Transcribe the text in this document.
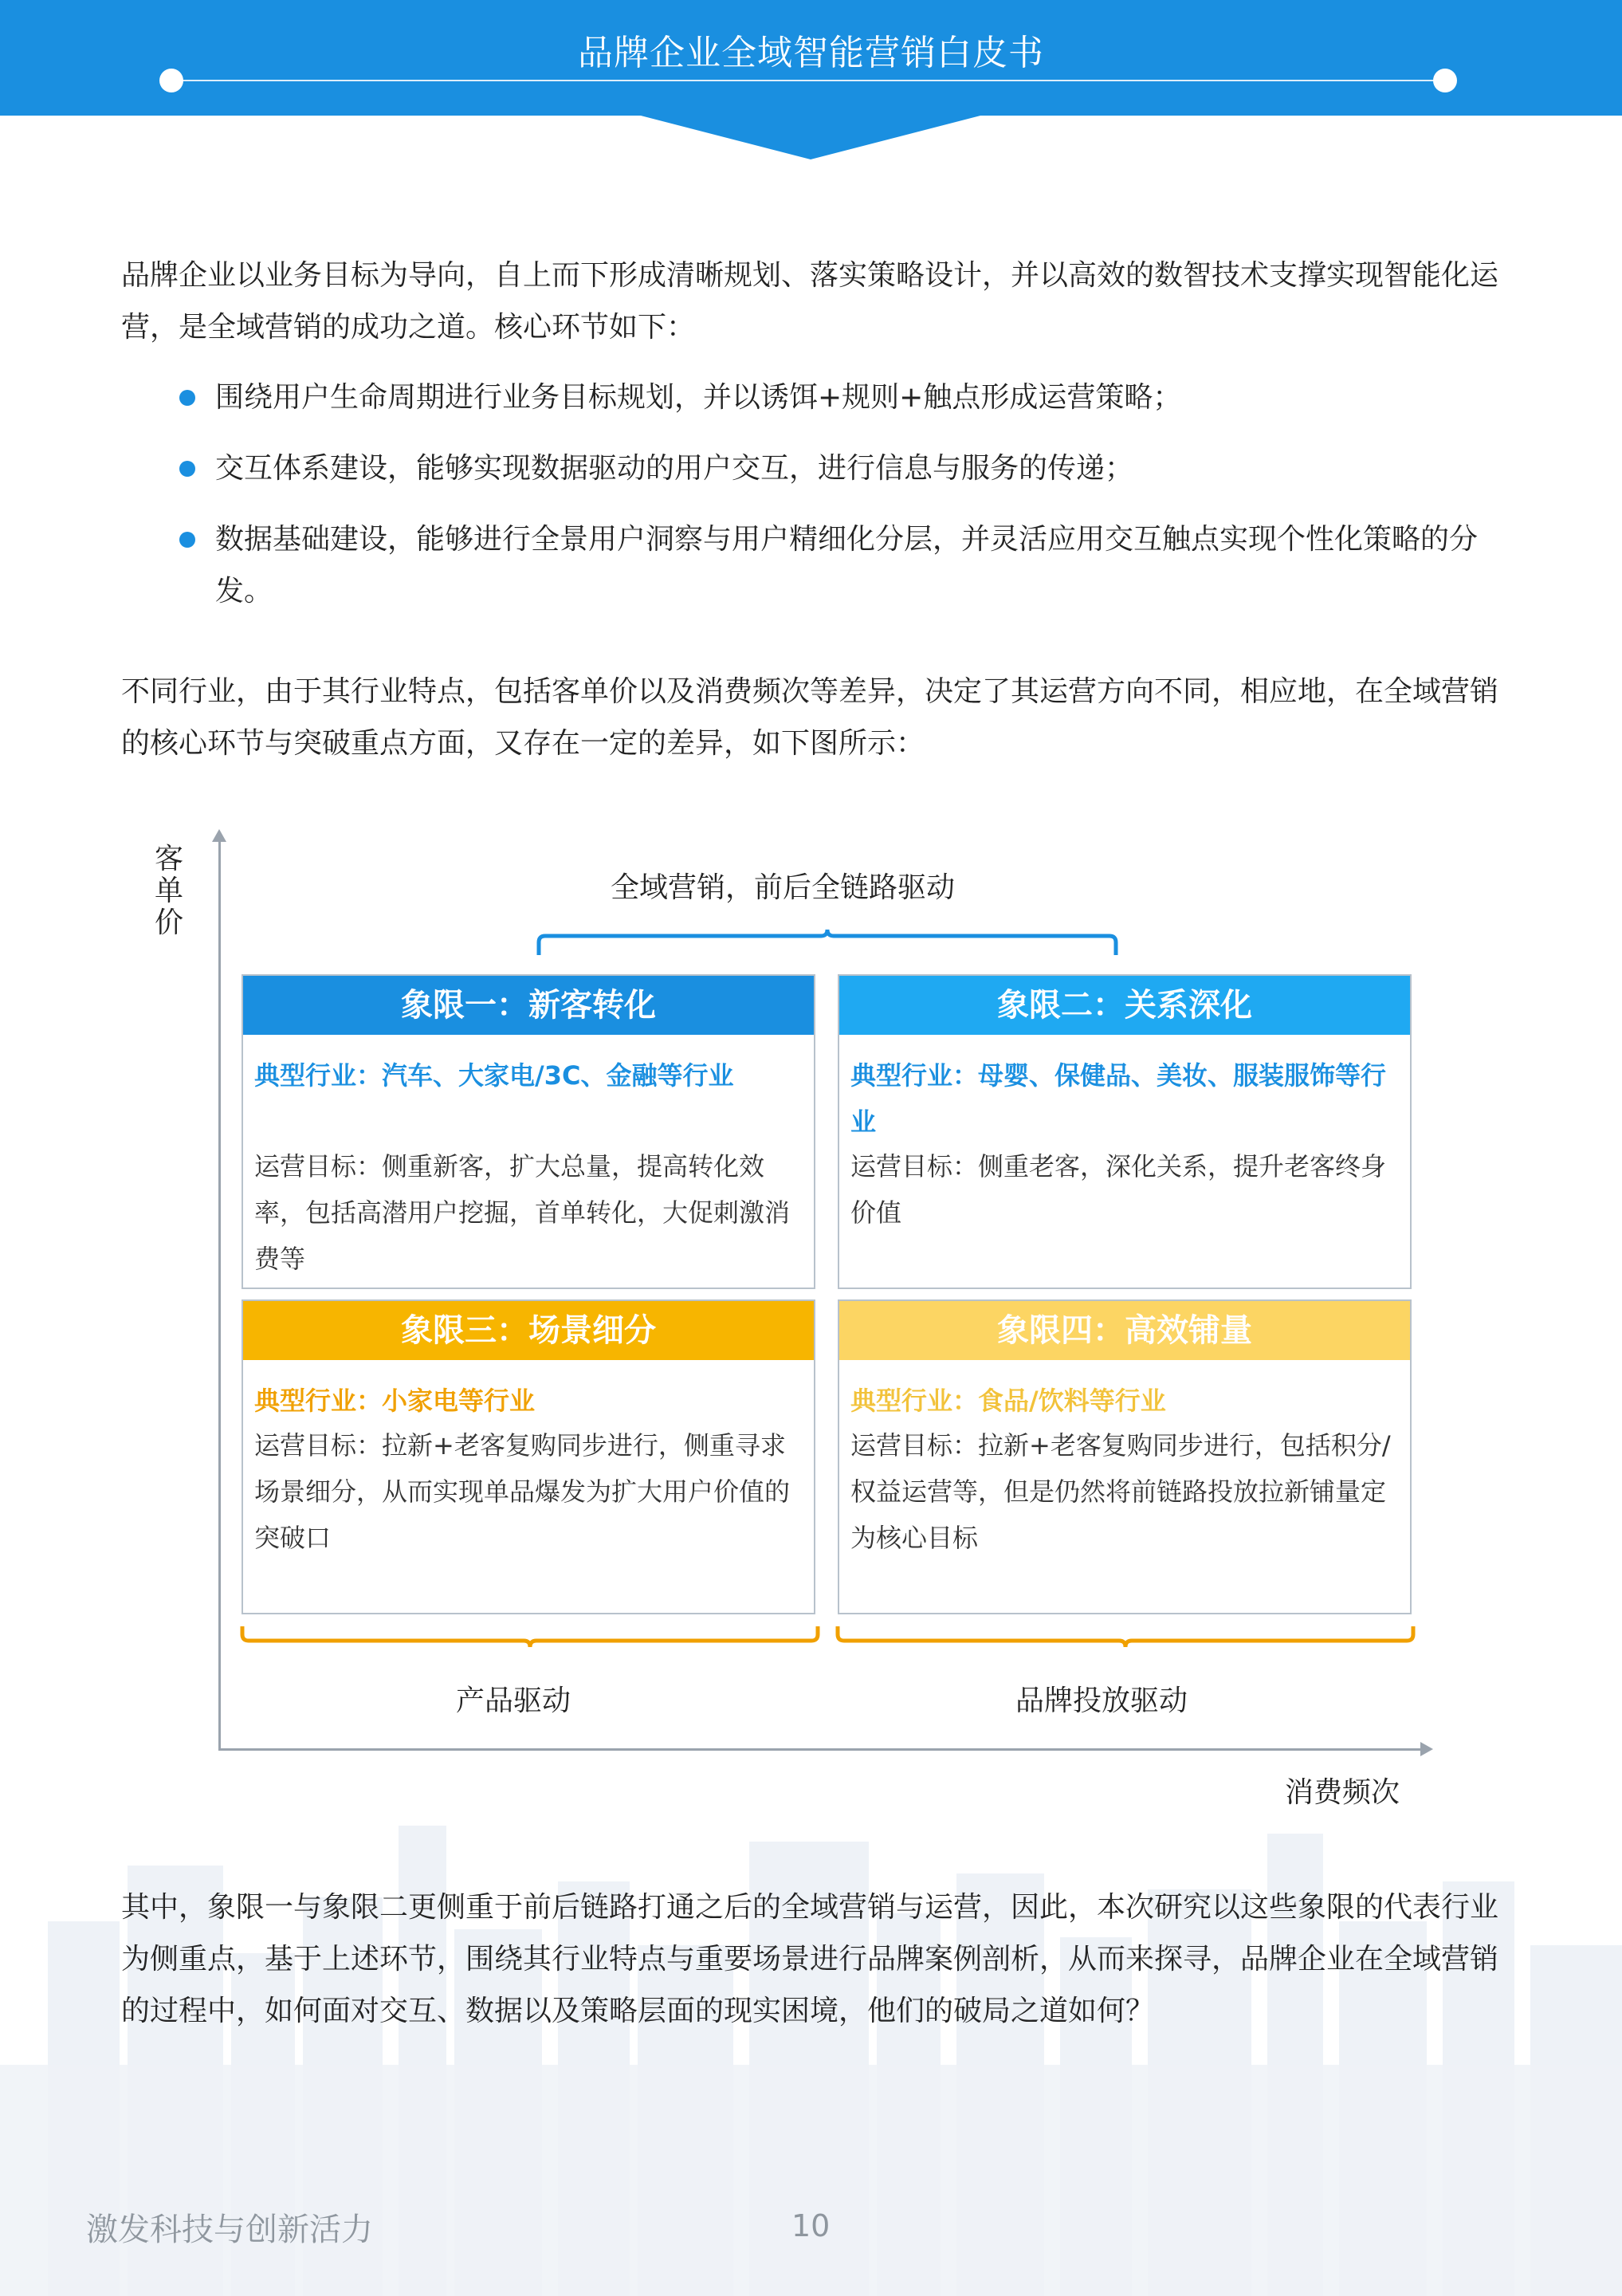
品牌企业全域智能营销白皮书
品牌企业以业务目标为导向，自上而下形成清晰规划、落实策略设计，并以高效的数智技术支撑实现智能化运营，是全域营销的成功之道。核心环节如下：
围绕用户生命周期进行业务目标规划，并以诱饵+规则+触点形成运营策略；
交互体系建设，能够实现数据驱动的用户交互，进行信息与服务的传递；
数据基础建设，能够进行全景用户洞察与用户精细化分层，并灵活应用交互触点实现个性化策略的分发。
不同行业，由于其行业特点，包括客单价以及消费频次等差异，决定了其运营方向不同，相应地，在全域营销的核心环节与突破重点方面，又存在一定的差异，如下图所示：
客单价
消费频次
全域营销，前后全链路驱动
象限一：新客转化
典型行业：汽车、大家电/3C、金融等行业
运营目标：侧重新客，扩大总量，提高转化效率，包括高潜用户挖掘，首单转化，大促刺激消费等
象限二：关系深化
典型行业：母婴、保健品、美妆、服装服饰等行业
运营目标：侧重老客，深化关系，提升老客终身价值
象限三：场景细分
典型行业：小家电等行业
运营目标：拉新+老客复购同步进行，侧重寻求场景细分，从而实现单品爆发为扩大用户价值的突破口
象限四：高效铺量
典型行业：食品/饮料等行业
运营目标：拉新+老客复购同步进行，包括积分/权益运营等，但是仍然将前链路投放拉新铺量定为核心目标
产品驱动	品牌投放驱动
其中，象限一与象限二更侧重于前后链路打通之后的全域营销与运营，因此，本次研究以这些象限的代表行业为侧重点，基于上述环节，围绕其行业特点与重要场景进行品牌案例剖析，从而来探寻，品牌企业在全域营销的过程中，如何面对交互、数据以及策略层面的现实困境，他们的破局之道如何？
激发科技与创新活力	10
